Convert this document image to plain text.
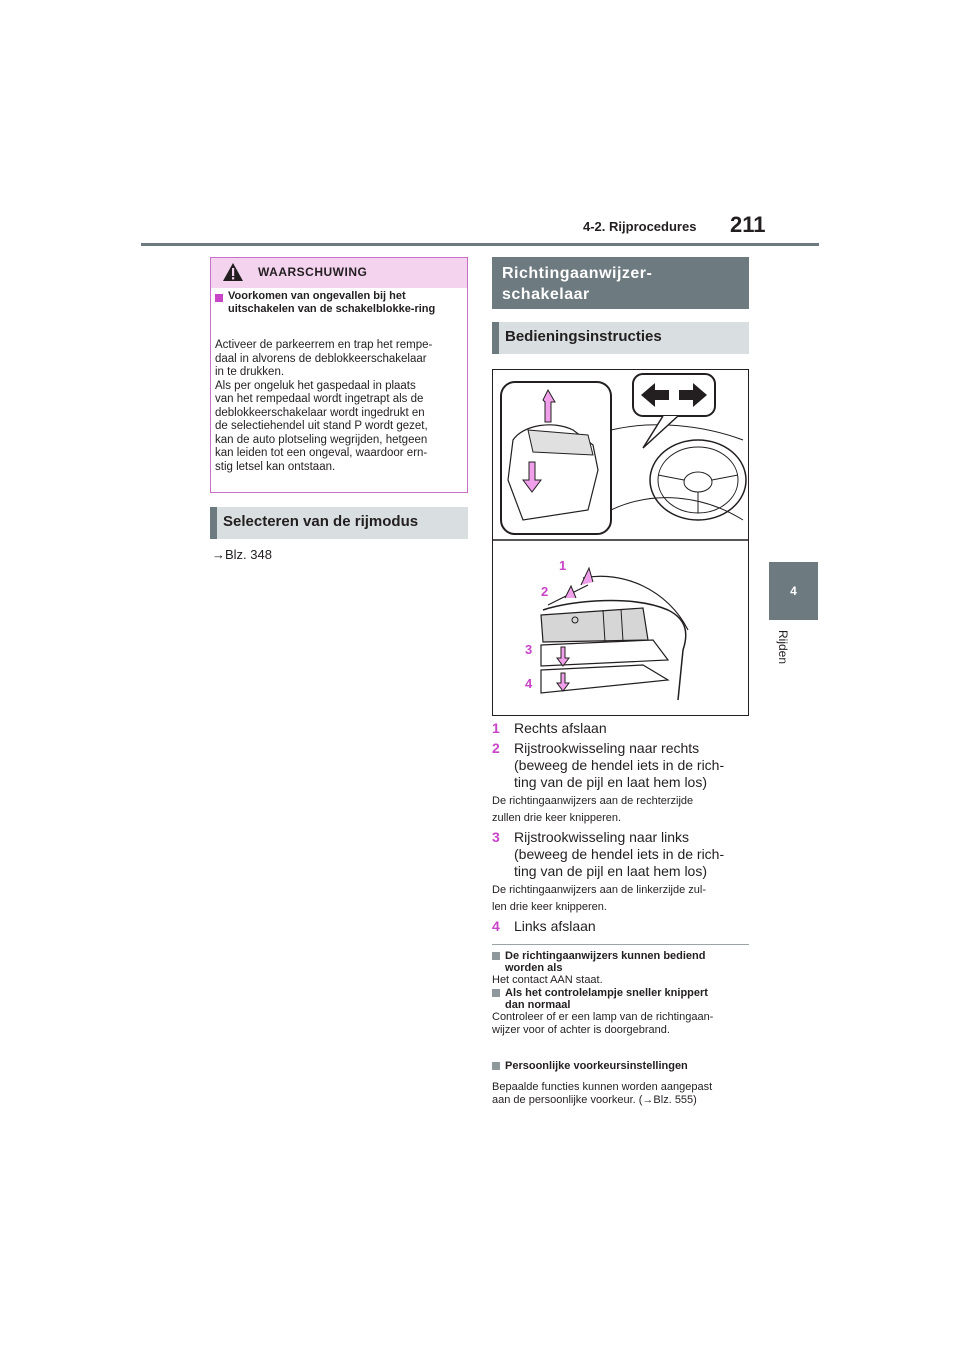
4-2. Rijprocedures 211
4
Rijden
WAARSCHUWING
Voorkomen van ongevallen bij het uitschakelen van de schakelblokke-ring
Activeer de parkeerrem en trap het rempe-
daal in alvorens de deblokkeerschakelaar
in te drukken.
Als per ongeluk het gaspedaal in plaats
van het rempedaal wordt ingetrapt als de
deblokkeerschakelaar wordt ingedrukt en
de selectiehendel uit stand P wordt gezet,
kan de auto plotseling wegrijden, hetgeen
kan leiden tot een ongeval, waardoor ern-
stig letsel kan ontstaan.
Selecteren van de rijmodus
→Blz. 348
Richtingaanwijzer-
schakelaar
Bedieningsinstructies
1
2
3
4
1 Rechts afslaan
2 Rijstrookwisseling naar rechts
(beweeg de hendel iets in de rich-
ting van de pijl en laat hem los)
De richtingaanwijzers aan de rechterzijde
zullen drie keer knipperen.
3 Rijstrookwisseling naar links
(beweeg de hendel iets in de rich-
ting van de pijl en laat hem los)
De richtingaanwijzers aan de linkerzijde zul-
len drie keer knipperen.
4 Links afslaan
De richtingaanwijzers kunnen bediend
worden als
Het contact AAN staat.
Als het controlelampje sneller knippert
dan normaal
Controleer of er een lamp van de richtingaan-
wijzer voor of achter is doorgebrand.
Persoonlijke voorkeursinstellingen
Bepaalde functies kunnen worden aangepast
aan de persoonlijke voorkeur. (→Blz. 555)
